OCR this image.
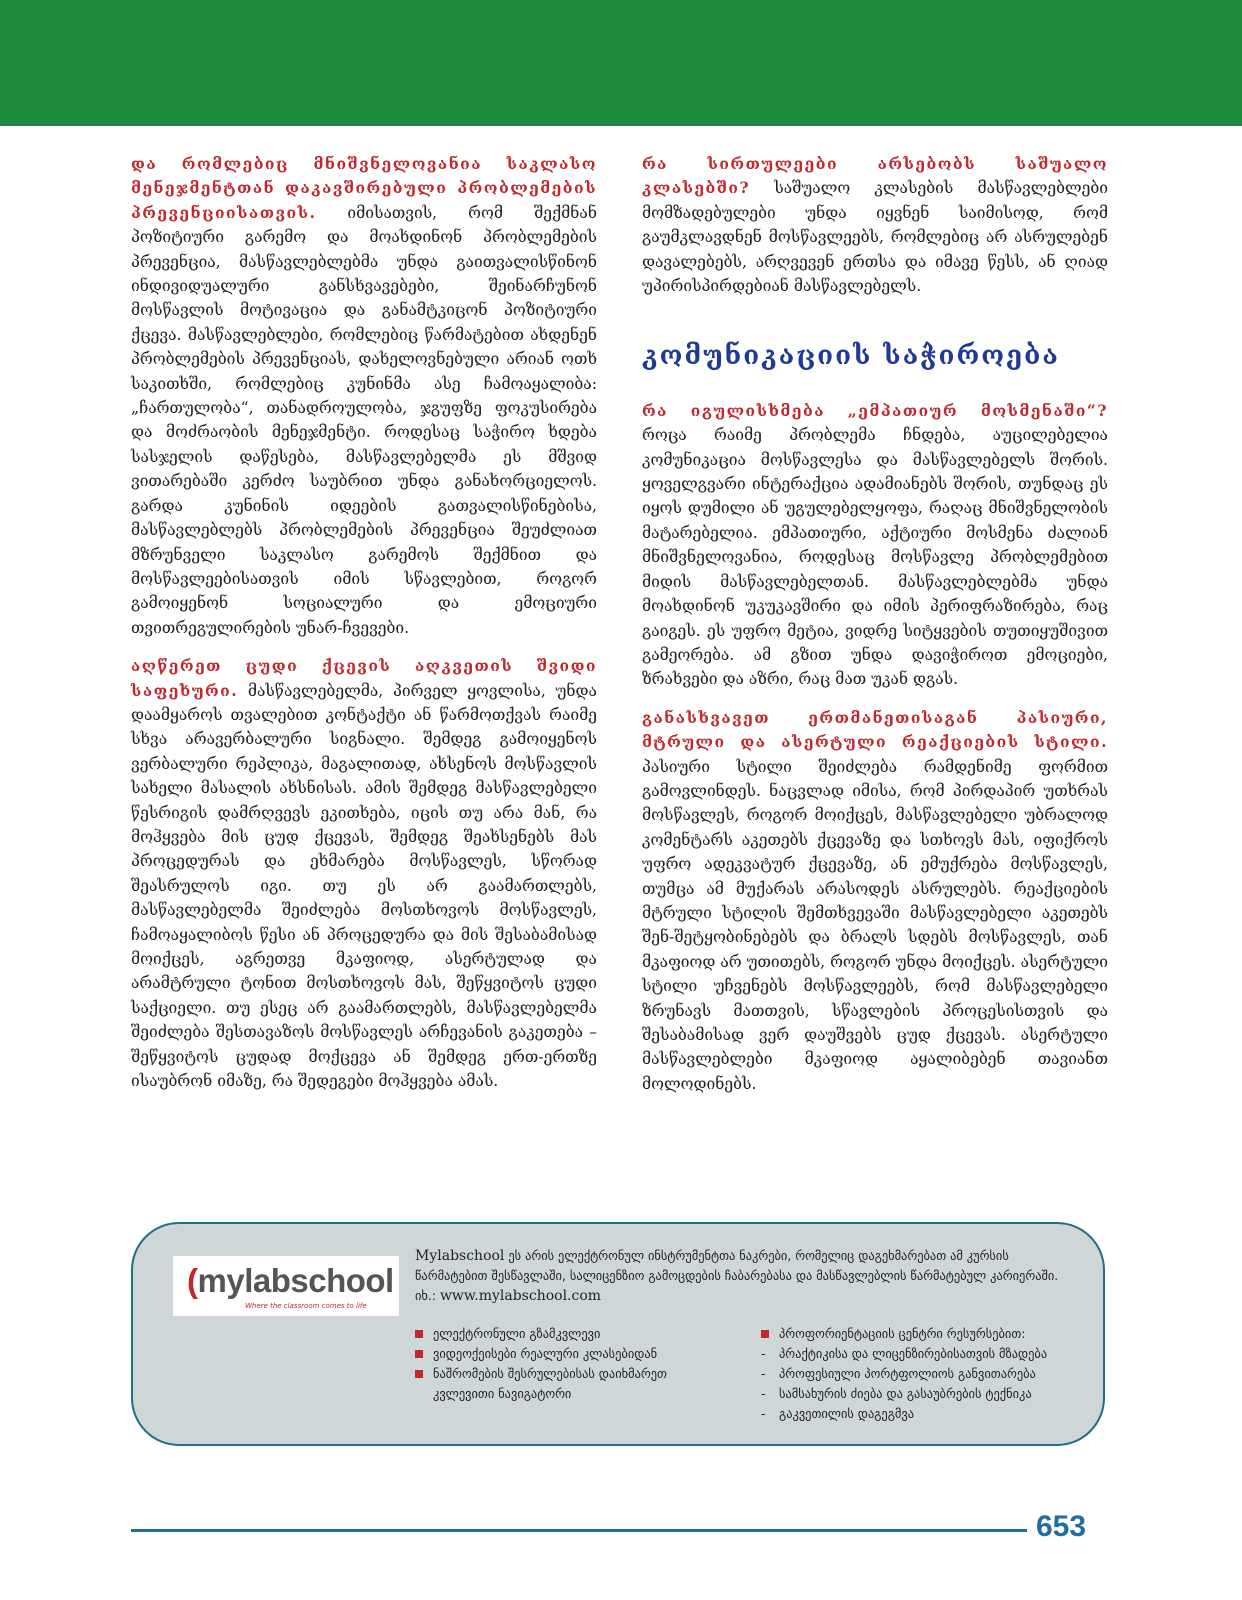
და რომლებიც მნიშვნელოვანია საკლასო მენეჯმენტთან დაკავშირებული პრობლემების პრევენციისათვის. იმისათვის, რომ შექმნან პოზიტიური გარემო და მოახდინონ პრობლემების პრევენცია, მასწავლებლებმა უნდა გაითვალისწინონ ინდივიდუალური განსხვავებები, შეინარჩუნონ მოსწავლის მოტივაცია და განამტკიცონ პოზიტიური ქცევა. მასწავლებლები, რომლებიც წარმატებით ახდენენ პრობლემების პრევენციას, დახელოვნებული არიან ოთხ საკითხში, რომლებიც კუნინმა ასე ჩამოაყალიბა: „ჩართულობა“, თანადროულობა, ჯგუფზე ფოკუსირება და მოძრაობის მენეჯმენტი. როდესაც საჭირო ხდება სასჯელის დაწესება, მასწავლებელმა ეს მშვიდ ვითარებაში კერძო საუბრით უნდა განახორციელოს. გარდა კუნინის იდეების გათვალისწინებისა, მასწავლებლებს პრობლემების პრევენცია შეუძლიათ მზრუნველი საკლასო გარემოს შექმნით და მოსწავლეებისათვის იმის სწავლებით, როგორ გამოიყენონ სოციალური და ემოციური თვითრეგულირების უნარ-ჩვევები.

აღწერეთ ცუდი ქცევის აღკვეთის შვიდი საფეხური. მასწავლებელმა, პირველ ყოვლისა, უნდა დაამყაროს თვალებით კონტაქტი ან წარმოთქვას რაიმე სხვა არავერბალური სიგნალი. შემდეგ გამოიყენოს ვერბალური რეპლიკა, მაგალითად, ახსენოს მოსწავლის სახელი მასალის ახსნისას. ამის შემდეგ მასწავლებელი წესრიგის დამრღვევს ეკითხება, იცის თუ არა მან, რა მოჰყვება მის ცუდ ქცევას, შემდეგ შეახსენებს მას პროცედურას და ეხმარება მოსწავლეს, სწორად შეასრულოს იგი. თუ ეს არ გაამართლებს, მასწავლებელმა შეიძლება მოსთხოვოს მოსწავლეს, ჩამოაყალიბოს წესი ან პროცედურა და მის შესაბამისად მოიქცეს, აგრეთვე მკაფიოდ, ასერტულად და არამტრული ტონით მოსთხოვოს მას, შეწყვიტოს ცუდი საქციელი. თუ ესეც არ გაამართლებს, მასწავლებელმა შეიძლება შესთავაზოს მოსწავლეს არჩევანის გაკეთება – შეწყვიტოს ცუდად მოქცევა ან შემდეგ ერთ-ერთზე ისაუბრონ იმაზე, რა შედეგები მოჰყვება ამას.

რა სირთულეები არსებობს საშუალო კლასებში? საშუალო კლასების მასწავლებლები მომზადებულები უნდა იყვნენ საიმისოდ, რომ გაუმკლავდნენ მოსწავლეებს, რომლებიც არ ასრულებენ დავალებებს, არღვევენ ერთსა და იმავე წესს, ან ღიად უპირისპირდებიან მასწავლებელს.

კომუნიკაციის საჭიროება

რა იგულისხმება „ემპათიურ მოსმენაში“? როცა რაიმე პრობლემა ჩნდება, აუცილებელია კომუნიკაცია მოსწავლესა და მასწავლებელს შორის. ყოველგვარი ინტერაქცია ადამიანებს შორის, თუნდაც ეს იყოს დუმილი ან უგულებელყოფა, რაღაც მნიშვნელობის მატარებელია. ემპათიური, აქტიური მოსმენა ძალიან მნიშვნელოვანია, როდესაც მოსწავლე პრობლემებით მიდის მასწავლებელთან. მასწავლებლებმა უნდა მოახდინონ უკუკავშირი და იმის პერიფრაზირება, რაც გაიგეს. ეს უფრო მეტია, ვიდრე სიტყვების თუთიყუშივით გამეორება. ამ გზით უნდა დავიჭიროთ ემოციები, ზრახვები და აზრი, რაც მათ უკან დგას.

განასხვავეთ ერთმანეთისაგან პასიური, მტრული და ასერტული რეაქციების სტილი. პასიური სტილი შეიძლება რამდენიმე ფორმით გამოვლინდეს. ნაცვლად იმისა, რომ პირდაპირ უთხრას მოსწავლეს, როგორ მოიქცეს, მასწავლებელი უბრალოდ კომენტარს აკეთებს ქცევაზე და სთხოვს მას, იფიქროს უფრო ადეკვატურ ქცევაზე, ან ემუქრება მოსწავლეს, თუმცა ამ მუქარას არასოდეს ასრულებს. რეაქციების მტრული სტილის შემთხვევაში მასწავლებელი აკეთებს შენ-შეტყობინებებს და ბრალს სდებს მოსწავლეს, თან მკაფიოდ არ უთითებს, როგორ უნდა მოიქცეს. ასერტული სტილი უჩვენებს მოსწავლეებს, რომ მასწავლებელი ზრუნავს მათთვის, სწავლების პროცესისთვის და შესაბამისად ვერ დაუშვებს ცუდ ქცევას. ასერტული მასწავლებლები მკაფიოდ აყალიბებენ თავიანთ მოლოდინებს.

(mylabschool
Where the classroom comes to life
Mylabschool ეს არის ელექტრონულ ინსტრუმენტთა ნაკრები, რომელიც დაგეხმარებათ ამ კურსის წარმატებით შესწავლაში, სალიცენზიო გამოცდების ჩაბარებასა და მასწავლებლის წარმატებულ კარიერაში. იხ.: www.mylabschool.com
ელექტრონული გზამკვლევი
ვიდეოქეისები რეალური კლასებიდან
ნაშრომების შესრულებისას დაიხმარეთ კვლევითი ნავიგატორი
პროფორიენტაციის ცენტრი რესურსებით:
- პრაქტიკისა და ლიცენზირებისათვის მზადება
- პროფესიული პორტფოლიოს განვითარება
- სამსახურის ძიება და გასაუბრების ტექნიკა
- გაკვეთილის დაგეგმვა
653
